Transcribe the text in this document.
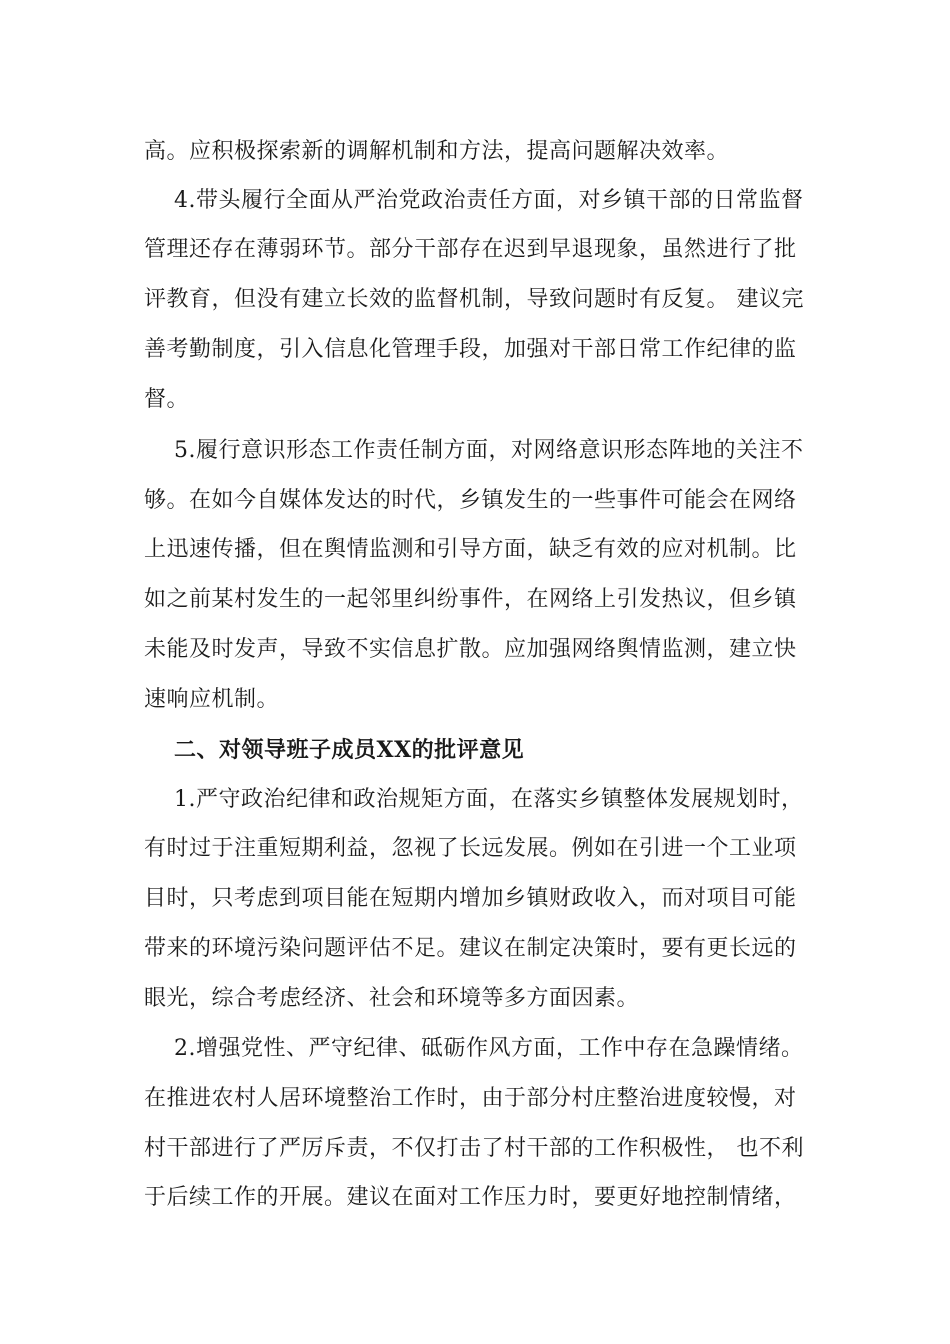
高。应积极探索新的调解机制和方法，提高问题解决效率。
4.带头履行全面从严治党政治责任方面，对乡镇干部的日常监督
管理还存在薄弱环节。部分干部存在迟到早退现象，虽然进行了批
评教育，但没有建立长效的监督机制，导致问题时有反复。 建议完
善考勤制度，引入信息化管理手段，加强对干部日常工作纪律的监
督。
5.履行意识形态工作责任制方面，对网络意识形态阵地的关注不
够。在如今自媒体发达的时代，乡镇发生的一些事件可能会在网络
上迅速传播，但在舆情监测和引导方面，缺乏有效的应对机制。比
如之前某村发生的一起邻里纠纷事件，在网络上引发热议，但乡镇
未能及时发声，导致不实信息扩散。应加强网络舆情监测，建立快
速响应机制。
二、对领导班子成员XX的批评意见
1.严守政治纪律和政治规矩方面，在落实乡镇整体发展规划时，
有时过于注重短期利益，忽视了长远发展。例如在引进一个工业项
目时，只考虑到项目能在短期内增加乡镇财政收入，而对项目可能
带来的环境污染问题评估不足。建议在制定决策时，要有更长远的
眼光，综合考虑经济、社会和环境等多方面因素。
2.增强党性、严守纪律、砥砺作风方面，工作中存在急躁情绪。
在推进农村人居环境整治工作时，由于部分村庄整治进度较慢，对
村干部进行了严厉斥责，不仅打击了村干部的工作积极性， 也不利
于后续工作的开展。建议在面对工作压力时，要更好地控制情绪，
